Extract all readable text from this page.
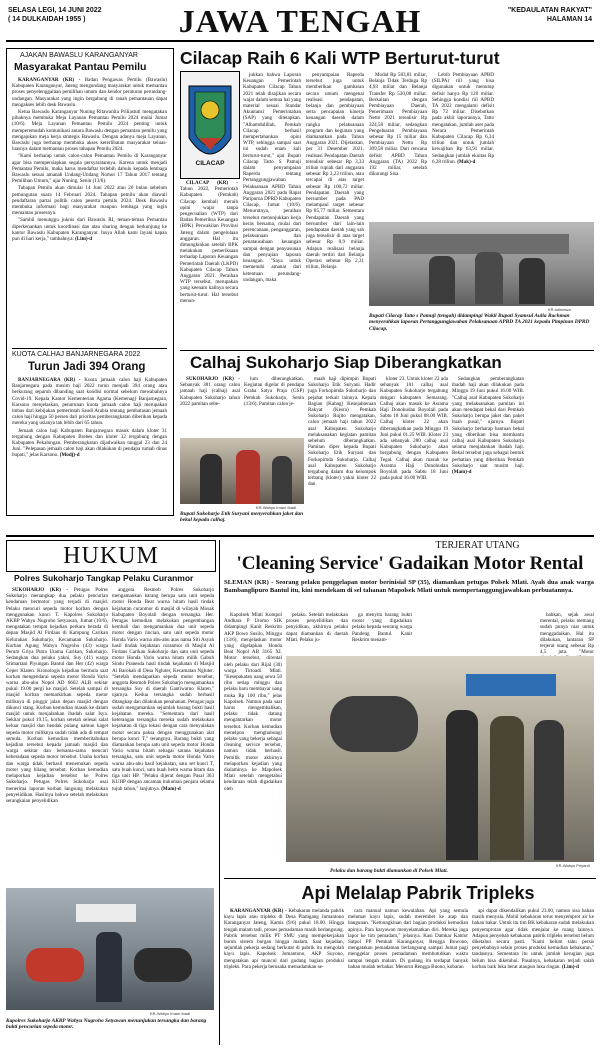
SELASA LEGI, 14 JUNI 2022
( 14 DULKAIDAH 1955 )	JAWA TENGAH	"KEDAULATAN RAKYAT"
HALAMAN 14
AJAKAN BAWASLU KARANGANYAR
Masyarakat Pantau Pemilu

KARANGANYAR (KR) - Badan Pengawas Pemilu (Bawaslu) Kabupaten Karanganyar, Jateng mengundang masyarakat untuk memantau proses penyelenggaraan pemilihan umum dan kendor peraturan perundang-undangan. Masyarakat yang ingin bergabung di ranah pemantauan dapat mengakses lebih desk Bawaslu.

Ketua Bawaslu Karanganyar Nuning Ritawanita Priliastuti mengatakan pihaknya membuka Meja Layanan Pemantau Pemilu 2024 mulai Jumat (10/6). Meja Layanan Pemantau Pemilu 2024 penting untuk memperemudah komunikasi antara Bawaslu dengan pemantau pemilu yang mengajukan meja kerja strategis Bawaslu. Dengan adanya meja Layanan, Bawaslu juga berharap membuka akses keterlibatan masyarakat seluas-luasnya dalam memantau proses tahapan Pemilu 2024.

"Kami berharap untuk calon-calon Pemantau Pemilu di Karanganyar agar bisa mempersiapkan segala persyaratannya. Karena untuk menjadi Pemantau Pemilu, maka harus mendaftar terlebih dahulu kepada lembaga Bawaslu sesuai amanah Undang-Undang Nomor 17 Tahun 2017 tentang Pemilihan Umum," ujar Nuning, Senin (13/6).

Tahapan Pemilu akan dimulai 14 Juni 2022 atau 20 bulan sebelum pemungutan suara 14 Februari 2024. Tahapan pemilu akan diawali pendaftaran partai politik calon peserta pemilu 2024. Desk Bawaslu membuka informasi bagi masyarakat maupun lembaga yang ingin memantau prosesnya.

"Sambil menunggu juknis dari Bawaslu RI, teman-teman Pemantau diperkenankan untuk koordinasi dan atau sharing dengan berkunjung ke kantor Bawaslu Kabupaten Karanganyar. Insya Allah kami layani kapan pun di hari kerja," tambahnya. (Lim)-d

KUOTA CALHAJ BANJARNEGARA 2022
Turun Jadi 394 Orang

BANJARNEGARA (KR) - Kuota jamaah calon haji Kabupaten Banjarnegara pada musim haji 2022 turun menjadi 394 orang atau berkurang separuh dibanding saat kondisi normal sebelum mewabahnya Covid-19. Kepala Kantor Kementerian Agama (Kemenag) Banjarnegara, Karsono menjelaskan, penurunan kuota jamaah calon haji merupakan imbas dari kebijakan pemerintah Saudi Arabia tentang pembatasan jemaah calon haji hingga 50 persen dari prioritas pemberangkatan diberikan kepada mereka yang usianya tak lebih dari 65 tahun.

Jemaah calon haji Kabupaten Banjarnegara masuk dalam kloter 31 tergabung dengan Kabupaten Brebes dan kloter 32 tergabung dengan Kabupaten Pekalongan. Pemberangkatan dijadwalkan tanggal 23 dan 24 Juni. "Pelepasan jemaah calon haji akan dilakukan di pendapa rumah dinas bupati," jelas Karsono. (Modj)-d

Cilacap Raih 6 Kali WTP Berturut-turut
CILACAP

CILACAP (KR) - Tahun 2022, Pemerintah Kabupaten (Pemkab) Cilacap kembali meraih opini wajar tanpa pengecualian (WTP) dari Badan Pemeriksa Keuangan (BPK) Perwakilan Provinsi Jateng dalam pengelolaan anggaran. Hal itu dimungkinkan setelah BPK melakukan pemeriksaan terhadap Laporan Keuangan Pemerintah Daerah (LKPD) Kabupaten Cilacap Tahun Anggaran 2021. Peraihan WTP tersebut, merupakan yang keenam kalinya secara berturut-turut. Hal tersebut menun-

jukkan bahwa Laporan Keuangan Pemerintah Kabupaten Cilacap Tahun 2021 telah disajikan secara wajar dalam semua hal yang material sesuai Standar Akuntansi Pemerintahan (SAP) yang ditetapkan. "Alhamdulillah, Pemkab Cilacap berhasil mempertahankan opini WTP, sehingga sampai saat ini sudah enam kali berturut-turut," ujar Bupati Cilacap Tatto S Pamuji dalam penyampaian Raperda tentang Pertanggungjawaban Pelaksanaan APBD Tahun Anggaran 2021 pada Rapat Paripurna DPRD Kabupaten Cilacap, Jumat (10/6). Menurutnya, peraihan tersebut menunjukkan kerja keras bersama, mulai dari perencanaan, penganggaran, pelaksanaan dan penatausahaan keuangan sampai dengan penyusunan dan penyajian laporan keuangan. "Saya untuk memenuhi amanat dari ketentuan perundang-undangan, maka

penyampaian Raperda tersebut juga untuk memberikan gambaran secara umum mengenai realisasi pendapatan, belanja dan pembiayaan serta pencapaian kinerja keuangan daerah dalam rangka pelaksanaan program dan kegiatan yang diamanatkan pada Tahun Anggaran 2021. Dijelaskan, per 31 Desember 2021, realisasi Pendapatan Daerah terealisir sebesar Rp 3,33 triliun rupiah dari anggaran sebesar Rp 3,23 triliun, atau tercapai di atas target sebesar Rp 100,72 miliar. Pendapatan Daerah yang bersumber pada PAD melampaui target sebesar Rp 85,77 miliar. Sementara Pendapatan Daerah yang bersumber dari lain-lain pendapatan daerah yang sah juga terealisir di atas target sebesar Rp 0,9 miliar. Adapun realisasi belanja daerah terdiri dari Belanja Operasi sebesar Rp 2,31 triliun, Belanja

Modal Rp 583,81 miliar, Belanja Tidak Terduga Rp 4,93 miliar dan Belanja Transfer Rp 530,08 miliar. Berkaitan dengan Pembiayaan Daerah, Penerimaan Pembiayaan Netto 2021 terealisir Rp 324,58 miliar, sedangkan Pengeluaran Pembiayaan sebesar Rp 15 miliar dan Pembiayaan Netto Rp 309,58 miliar. Dari rencana defisit APBD Tahun Anggaran (TA) 2022 Rp 192 miliar, setelah dikurangi Sisa

Lebih Pembiayaan APBD (SILPA) riil yang bisa digunakan untuk menutup defisit hanya Rp 120 miliar. Sehingga kondisi riil APBD TA 2022 mengalami defisit Rp 72 miliar. Disebutkan pada akhir laporannya, Tatto mengatakan, jumlah aset pada Neraca Pemerintah Kabupaten Cilacap Rp 6,34 triliun dan untuk jumlah kewajiban Rp 63,91 miliar. Sedangkan jumlah ekuitas Rp 6,28 triliun. (Mak)-d

KR-Istimewa
Bupati Cilacap Tatto s Pamuji (tengah) didampingi Wakil Bupati Syamsul Aulia Rachman menyerahkan laporan Pertanggungjawaban Pelaksanaan APBD TA 2021 kepada Pimpinan DPRD Cilacap.
Calhaj Sukoharjo Siap Diberangkatkan

SUKOHARJO (KR) - Sebanyak 381 orang calon jamaah haji (calhaj) asal Kabupaten Sukoharjo tahun 2022 pamitan sebe-

lum diberangkatkan. Kegiatan digelar di pendapa Graha Satya Praja (GSP) Pemkab Sukoharjo, Senin (13/6). Pamitan calon je-

KR-Wahyu Imam Ibadi
Bupati Sukoharjo Etik Suryani menyerahkan jaket dan bekal kepada calhaj.

maah haji dipimpin Bupati Sukoharjo Etik Suryani. Hadir juga Forkopimda Sukoharjo dan pejabat terkait lainnya. Kepala Bagian (Kabag) Kesejahteraan Rakyat (Kesra) Pemkab Sukoharjo Rujito mengatakan, calon jemaah haji tahun 2022 asal Kabupaten Sukoharjo melaksanakan kegiatan pamitan sebelum diberangkatkan. Pamitan diper kepada Bupati Sukoharjo Etik Suryani dan Forkopimda Sukoharjo. Calhaj asal Kabupaten Sukoharjo tergabung dalam dua kelompok terbang (kloter) yakni kloter 22 dan

kloter 23. Untuk kloter 22 ada sebanyak 101 calhaj asal Kabupaten Sukoharjo tergabung dengan kabupaten Semarang. Calhaj akan masuk ke Asrama Haji Donohudan Boyolali pada Sabtu 18 Juni pukul 08.00 WIB. Calhaj kloter 22 akan diberangkatkan pada Minggu 19 Juni pukul 01.25 WIB. Kloter 23 ada sebanyak 280 calhaj asal Kabupaten Sukoharjo akan bergabung dengan Kabupaten Tegal. Calhaj akan masuk ke Asrama Haji Donohudan Boyolali pada Sabtu 18 Juni pada pukul 16.00 WIB.

Sedangkan pemberangkatan ibadah haji akan dilakukan pada Minggu 19 Juni pukul 16.00 WIB. "Calhaj asal Kabupaten Sukoharjo yang melaksanakan pamitan ini akan mendapat bekal dari Pemkab Sukoharjo berupa jaket dan paket buah pusal," ujarnya. Bupati Sukoharjo berharap bantuan bekal yang diberikan bisa membantu calhaj asal Kabupaten Sukoharjo selama menjalankan ibadah haji. Bekal tersebut juga sebagai bentuk perhatian yang diberikan Pemkab Sukoharjo saat musim haji. (Mam)-d

HUKUM
Polres Sukoharjo Tangkap Pelaku Curanmor

SUKOHARJO (KR) - Petugas Polres Sukoharjo menangkap dua pelaku pencurian kendaraan bermotor yang terjadi di masjid. Pelaku mencuri sepeda motor korban dengan menggunakan kunci T. Kapolres Sukoharjo AKBP Wahyu Nugroho Setyawan, Jumat (10/6), mengatakan tempat kejadian perkara berada di depan Masjid Al Firdaus di Kampung Carikan Kelurahan Sukoharjo, Kecamatan Sukoharjo. Korban Agung Wahyu Nugroho (43) warga Perum Griya Putra Utama Carikan, Sukoharjo. Sedangkan dua pelaku yakni, Suy (41) warga Srimartani Piyungan Bantul dan Her (42) warga Ceper Klaten. Kronologis kejadian bermula saat korban mengendarai sepeda motor Honda Vario warna abu-abu Nopol AD 6602 ALB sekitar pukul 19.00 pergi ke masjid. Setelah sampai di masjid korban memarkirkan sepeda motor miliknya di pinggir jalan depan masjid dengan dikunci stang. Korban kemudian masuk ke dalam masjid untuk menjalankan ibadah salat Isya. Sekitar pukul 19.15, korban setelah selesai salat keluar masjid dan hendak pulang namun kaget sepeda motor miliknya sudah tidak ada di tempat semula. Korban kemudian memberitahukan kejadian tersebut kepada jamaah masjid dan warga sekitar dan bersama-sama mencari keberadaan sepeda motor tersebut. Usaha korban dan warga tidak berhasil menemukan sepeda motor yang hilang tersebut. Korban kemudian melaporkan kejadian tersebut ke Polres Sukoharjo. Petugas Polres Sukoharjo usai menerima laporan korban langsung melakukan penyelidikan. Hasilnya bahwa setelah melakukan serangkaian penyelidikan

anggota Resmob Polres Sukoharjo mengamankan barang berupa satu unit sepeda motor Honda Beat warna hitam hasil tindak kejahatan curanmor di masjid di wilayah Mosak Kabupaten Boyolali dengan tersangka Her. Petugas kemudian melakukan pengembangan kembali dan mengamankan dua unit sepeda motor dengan rincian, satu unit sepeda motor Honda Vario warna abu-abu atas nama Siti Asyah hasil tindak kejahatan curanmor di Masjid Al Firdaus Carikan Sukoharjo dan satu unit sepeda motor Honda Vario warna hitam milik Gabuh Sindu Pranesda hasil tindak kejahatan di Masjid Al Barokah di Desa Ngluter, Kecamatan Ngluter. "Setelah mendapatkan sepeda motor tersebut, anggota Resmob Polres Sukoharjo mengamankan tersangka Suy di daerah Gantiwarno Klaten," ujarnya. Kedua tersangka sudah berhasil ditangkap dan dilakukan penahanan. Petugas juga sudah mengamankan sejumlah barang bukti hasil kejahatan mereka. "Sementara dari hasil keterangan tersangka mereka sudah melakukan kejahatan di tiga lokasi dengan cara menyalakan motor secara paksa dengan menggunakan alat berupa kunci T," terangnya. Barang bukti yang diamankan berupa satu unit sepeda motor Honda Vario warna hitam sebagai sarana kejahatan tersangka, satu unit sepeda motor Honda Vario warna abu-abu hasil kejahatan, satu set kunci T, satu buah kunci, satu buah helm warna hitam dan tiga unit HP. "Pelaku dijerat dengan Pasal 363 KUHP dengan ancaman hukuman penjara selama tujuh tahun," lanjutnya. (Mam)-d

KR-Wahyu Imam Ibadi
Kapolres Sukoharjo AKBP Wahyu Nugroho Setyawan menunjukan tersangka dan barang bukti pencurian sepeda motor.
TERJERAT UTANG
'Cleaning Service' Gadaikan Motor Rental
SLEMAN (KR) - Seorang pelaku penggelapan motor berinisial SP (35), diamankan petugas Polsek Mlati. Ayah dua anak warga Bambanglipuro Bantul itu, kini mendekam di sel tahanan Mapolsek Mlati untuk mempertanggungjawabkan perbuatannya.

Kapolsek Mlati Kompol Andhara P Utomo SIK didampingi Kanit Reskrim AKP Bowo Susilo, Minggu (13/6), menjelaskan motor yang digelapkan Honda Beat Nopol AB 3165 XI. Motor tersebut, dirental oleh pelaku dari Rijal (30) warga Tirtoadi Mlati. "Kesepakatan uang sewa 50 ribu setiap minggu dan pelaku baru membayar uang muka Rp 100 ribu," jelas Kapolsek. Namun pada saat harus mengembalikan, pelaku tidak datang mengantarkan motor tersebut. Korban kemudian menelpon menghubungi pelaku yang bekerja sebagai cleaning service tersebut, namun tidak berhasil. Pemilik motor akhirnya melaporkan kejadian yang dialaminya ke Mapolsek Mlati setelah mengetahui kendaraan telah digadaikan oleh

pelaku. Setelah melakukan proses penyelidikan dan penyidikan, akhirnya pelaku dapat diamankan di daerah Mlati. Pelaku ju-

ga menyita barang bukti motor yang digadaikan pelaku kepada seorang warga Pandeng Bantul. Kanit Reskrim menam-

bahkan, sejak awal merental, pelaku memang sudah punya niat untuk menggadaikan. Hal itu dilakukan, lantaran SP terjerat utang sebesar Rp 4,5 juta. "Motor

KR-Wahyu Priyanti
Pelaku dan barang bukti diamankan di Polsek Mlati.
Api Melalap Pabrik Tripleks

KARANGANYAR (KR) - Kebakaran melanda pabrik kayu lapis atau tripleks di Desa Plamgang Jumantono Karanganyar Jateng, Kamis (9/6) pukul 18.00. Hingga tengah malam tadi, proses pemadaman masih berlangsung. Pabrik tersebut milik PT SMU yang mempekerjakan buruh sistem borgan hingga malam. Saat kejadian, sejumlah pekerja sedang berkutat di pabrik itu mengolah kayu lapis. Kapolsek Jumantono, AKP Suyono, mengatakan api muncul dari gudang bagian produksi tripleks. Para pekerja berusaha memadamkan se-

cara manual namun kewalahan. Api yang semula melumat kayu lapis, sudah merembet ke atap dan bangunan. "Kemungkinan dari bagian produksi kemudian apinya. Para karyawan menyelamatkan diri. Mereka juga lapor ke tim pemadam," jelasnya. Kasi Damkar Kantor Satpol PP Pemkab Karanganyar, Rengga Bowono, mengatakan pemadaman berlangsung sampai Jumat pagi menggelar proses pemadaman membutuhkan waktu sampai tengah malam. Di gudang itu terdapat banyak bahan mudah terbakar. Menurut Rengga Buono, kobaran

api dapat dikendalikan pukul 23.00, namun sisa bahan masih menyala. Mobil kebakaran terus menyemprot air ke bahan bakar. Untuk itu tim BK kebakaran sudah melakukan penyemprotan agar tidak menjalar ke ruang lainnya. Adapun penyebab kebakaran pabrik tripleks tersebut belum diketahui secara pasti. "Kami belum tahu persis penyebabnya selain proses produksi kemudian kebakaran," tandasnya. Sementara itu untuk jumlah kerugian juga belum bisa diketahui. Pasalnya, kebakaran terjadi salah korban baik luka berat ataupun luka ringan. (Lim)-d
